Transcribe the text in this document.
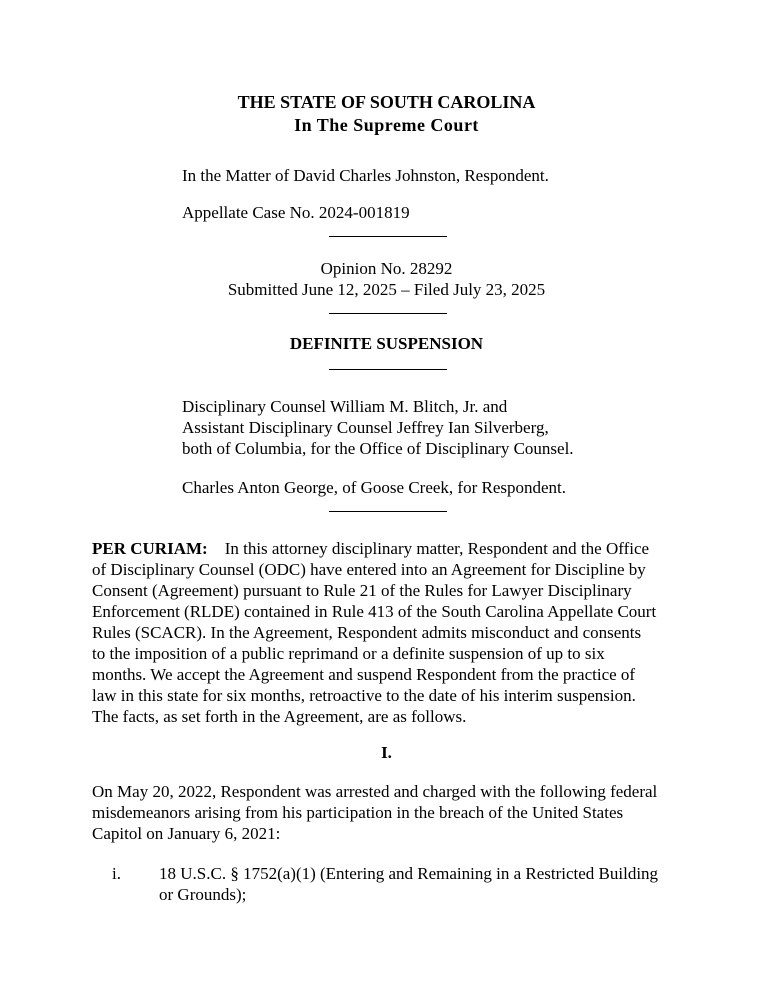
THE STATE OF SOUTH CAROLINA
In The Supreme Court
In the Matter of David Charles Johnston, Respondent.
Appellate Case No. 2024-001819
Opinion No. 28292
Submitted June 12, 2025 – Filed July 23, 2025
DEFINITE SUSPENSION
Disciplinary Counsel William M. Blitch, Jr. and
Assistant Disciplinary Counsel Jeffrey Ian Silverberg,
both of Columbia, for the Office of Disciplinary Counsel.
Charles Anton George, of Goose Creek, for Respondent.
PER CURIAM: In this attorney disciplinary matter, Respondent and the Office
of Disciplinary Counsel (ODC) have entered into an Agreement for Discipline by
Consent (Agreement) pursuant to Rule 21 of the Rules for Lawyer Disciplinary
Enforcement (RLDE) contained in Rule 413 of the South Carolina Appellate Court
Rules (SCACR). In the Agreement, Respondent admits misconduct and consents
to the imposition of a public reprimand or a definite suspension of up to six
months. We accept the Agreement and suspend Respondent from the practice of
law in this state for six months, retroactive to the date of his interim suspension.
The facts, as set forth in the Agreement, are as follows.
I.
On May 20, 2022, Respondent was arrested and charged with the following federal
misdemeanors arising from his participation in the breach of the United States
Capitol on January 6, 2021:
i. 18 U.S.C. § 1752(a)(1) (Entering and Remaining in a Restricted Building
or Grounds);
